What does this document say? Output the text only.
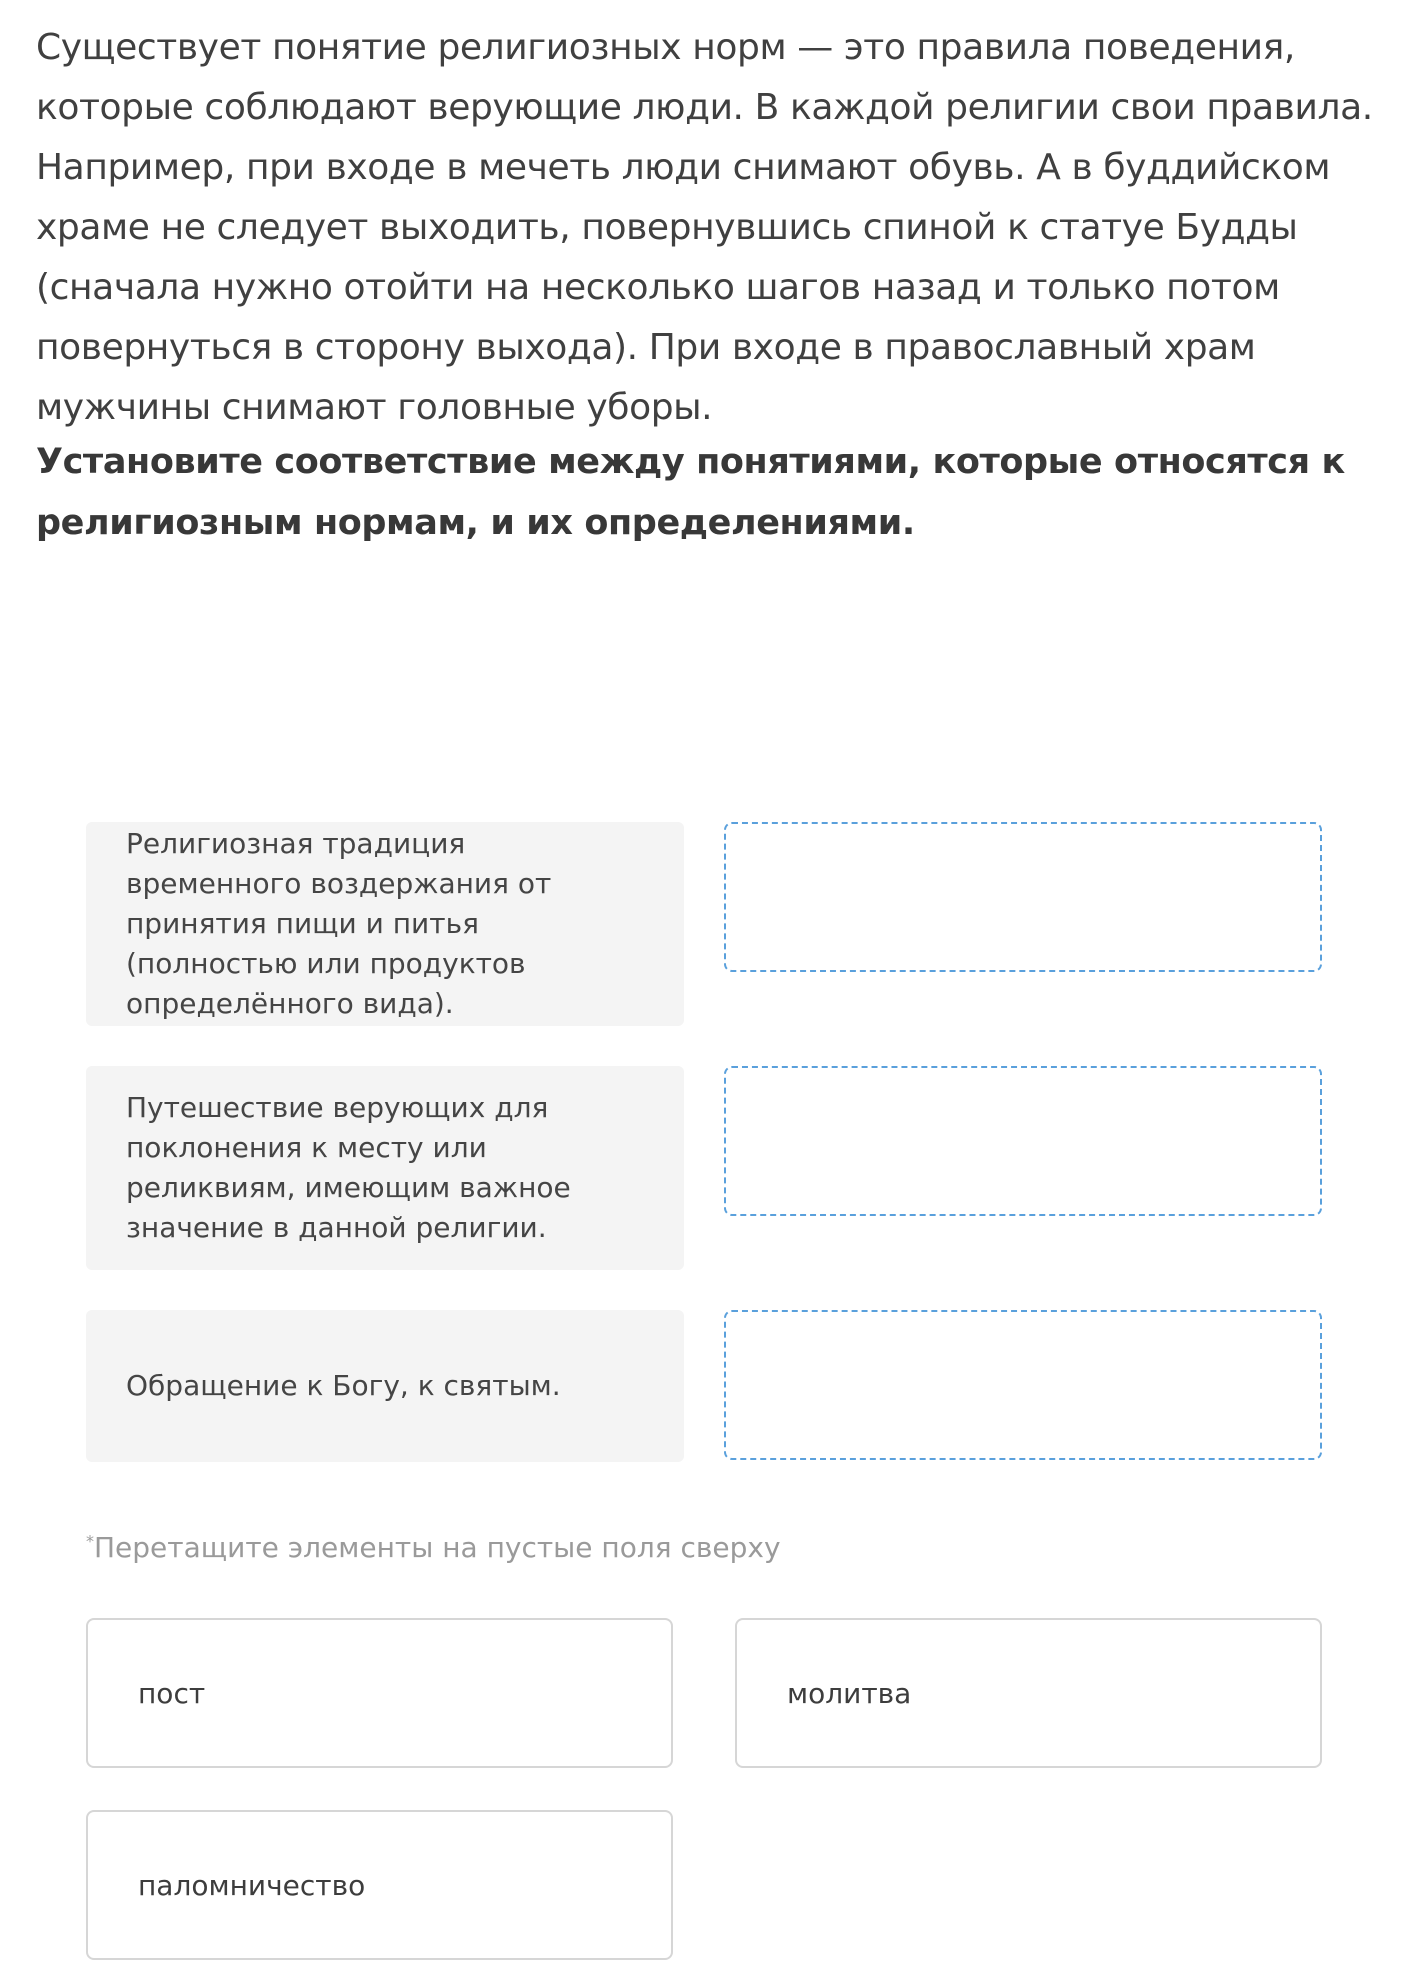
Существует понятие религиозных норм — это правила поведения, которые соблюдают верующие люди. В каждой религии свои правила. Например, при входе в мечеть люди снимают обувь. А в буддийском храме не следует выходить, повернувшись спиной к статуе Будды (сначала нужно отойти на несколько шагов назад и только потом повернуться в сторону выхода). При входе в православный храм мужчины снимают головные уборы.

Установите соответствие между понятиями, которые относятся к религиозным нормам, и их определениями.

Религиозная традиция временного воздержания от принятия пищи и питья (полностью или продуктов определённого вида).
Путешествие верующих для поклонения к месту или реликвиям, имеющим важное значение в данной религии.
Обращение к Богу, к святым.
*Перетащите элементы на пустые поля сверху
пост	молитва
паломничество
